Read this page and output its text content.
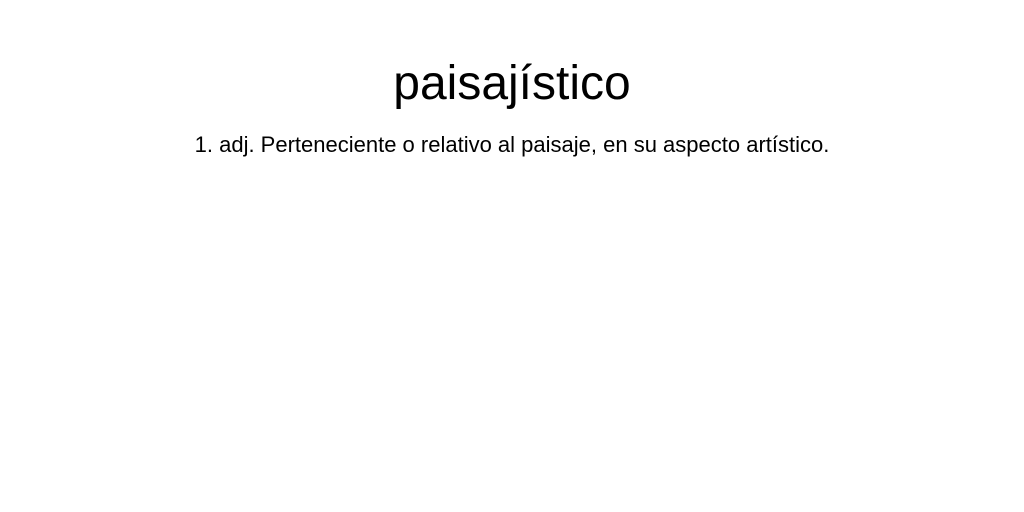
paisajístico

1. adj. Perteneciente o relativo al paisaje, en su aspecto artístico.
